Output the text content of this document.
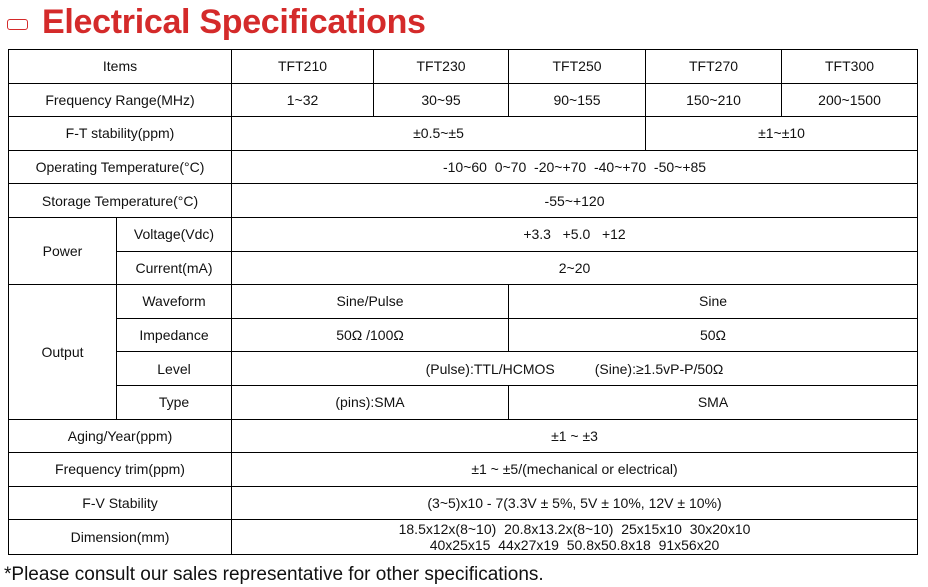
Electrical Specifications
Items		TFT210	TFT230	TFT250	TFT270	TFT300
Frequency Range(MHz)		1~32	30~95	90~155	150~210	200~1500
F-T stability(ppm)		±0.5~±5			±1~±10	
Operating Temperature(°C)		-10~60  0~70  -20~+70  -40~+70  -50~+85				
Storage Temperature(°C)		-55~+120				
Power	Voltage(Vdc)	+3.3   +5.0   +12				
	Current(mA)	2~20				
Output	Waveform	Sine/Pulse		Sine		
	Impedance	50Ω /100Ω		50Ω		
	Level	(Pulse):TTL/HCMOS (Sine):≥1.5vP-P/50Ω				
	Type	(pins):SMA		SMA		
Aging/Year(ppm)		±1 ~ ±3				
Frequency trim(ppm)		±1 ~ ±5/(mechanical or electrical)				
F-V Stability		(3~5)x10 - 7(3.3V ± 5%, 5V ± 10%, 12V ± 10%)				
Dimension(mm)		18.5x12x(8~10)  20.8x13.2x(8~10)  25x15x10  30x20x10
40x25x15  44x27x19  50.8x50.8x18  91x56x20				
*Please consult our sales representative for other specifications.
